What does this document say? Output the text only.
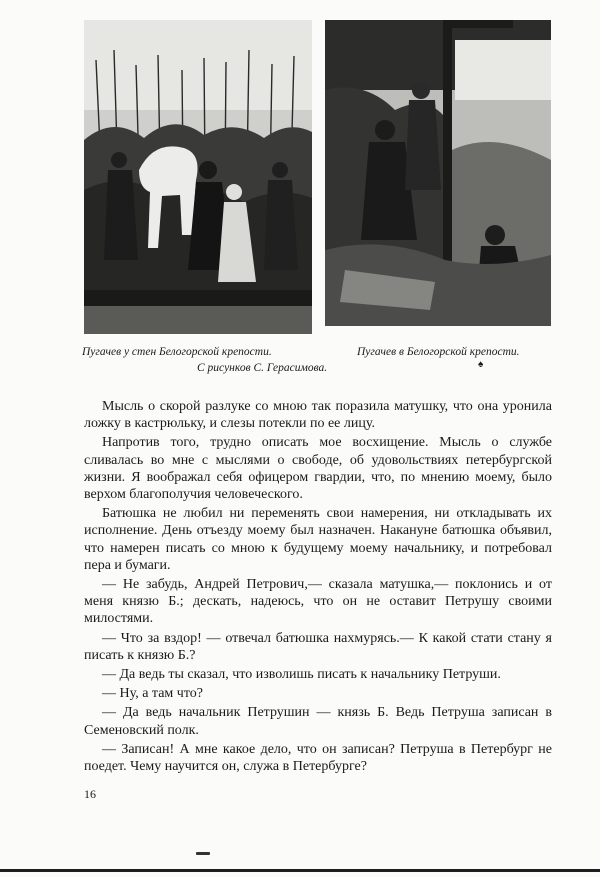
Пугачев у стен Белогорской крепости.	Пугачев в Белогорской крепости.
С рисунков С. Герасимова.	♠

Мысль о скорой разлуке со мною так поразила матушку, что она уронила ложку в кастрюльку, и слезы потекли по ее лицу.

Напротив того, трудно описать мое восхищение. Мысль о службе сливалась во мне с мыслями о свободе, об удовольствиях петербургской жизни. Я воображал себя офицером гвардии, что, по мнению моему, было верхом благополучия человеческого.

Батюшка не любил ни переменять свои намерения, ни откладывать их исполнение. День отъезду моему был назначен. Накануне батюшка объявил, что намерен писать со мною к будущему моему начальнику, и потребовал пера и бумаги.

— Не забудь, Андрей Петрович,— сказала матушка,— поклонись и от меня князю Б.; дескать, надеюсь, что он не оставит Петрушу своими милостями.

— Что за вздор! — отвечал батюшка нахмурясь.— К какой стати стану я писать к князю Б.?

— Да ведь ты сказал, что изволишь писать к начальнику Петруши.

— Ну, а там что?

— Да ведь начальник Петрушин — князь Б. Ведь Петруша записан в Семеновский полк.

— Записан! А мне какое дело, что он записан? Петруша в Петербург не поедет. Чему научится он, служа в Петербурге?

16
